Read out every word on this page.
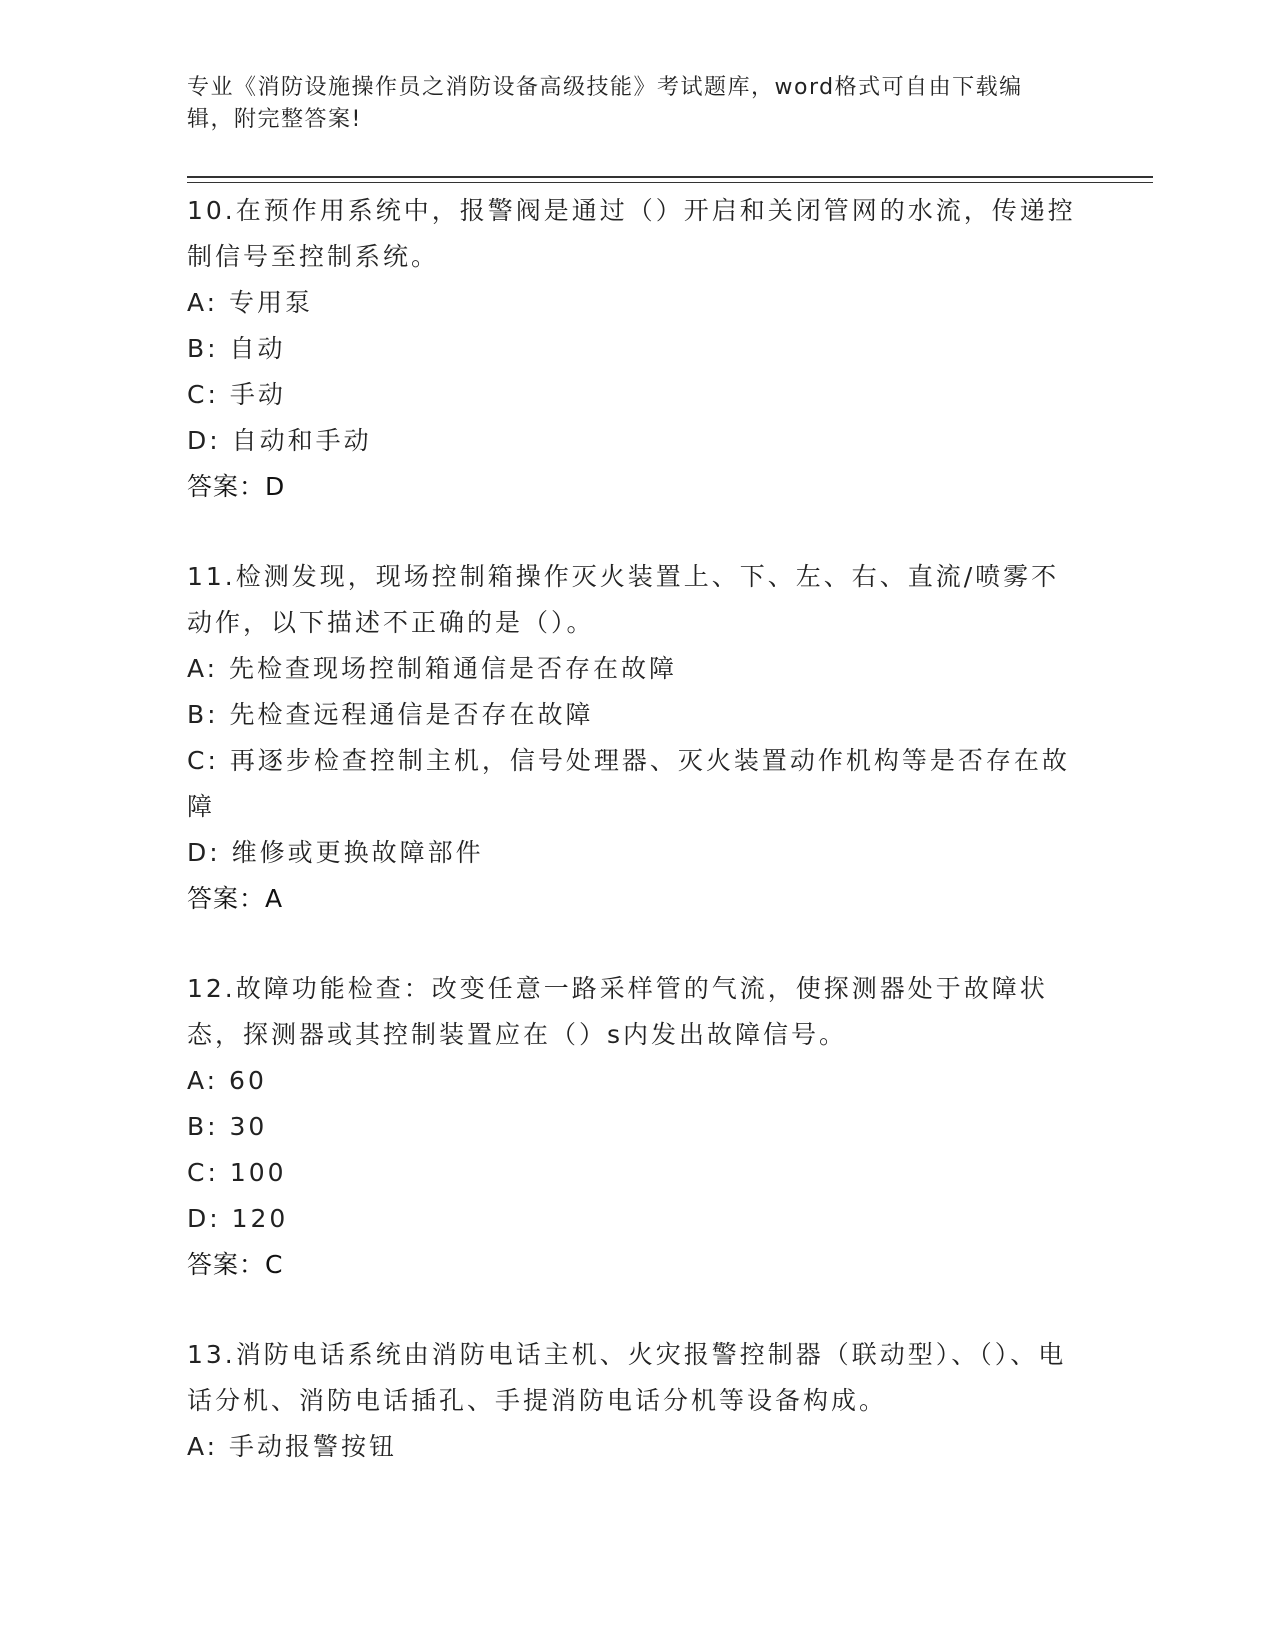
专业《消防设施操作员之消防设备高级技能》考试题库，word格式可自由下载编辑，附完整答案!
10.在预作用系统中，报警阀是通过（）开启和关闭管网的水流，传递控制信号至控制系统。
A: 专用泵
B: 自动
C: 手动
D: 自动和手动
答案：D
11.检测发现，现场控制箱操作灭火装置上、下、左、右、直流/喷雾不动作，以下描述不正确的是（）。
A: 先检查现场控制箱通信是否存在故障
B: 先检查远程通信是否存在故障
C: 再逐步检查控制主机，信号处理器、灭火装置动作机构等是否存在故障
D: 维修或更换故障部件
答案：A
12.故障功能检查：改变任意一路采样管的气流，使探测器处于故障状态，探测器或其控制装置应在（）s内发出故障信号。
A: 60
B: 30
C: 100
D: 120
答案：C
13.消防电话系统由消防电话主机、火灾报警控制器（联动型）、（）、电话分机、消防电话插孔、手提消防电话分机等设备构成。
A: 手动报警按钮
